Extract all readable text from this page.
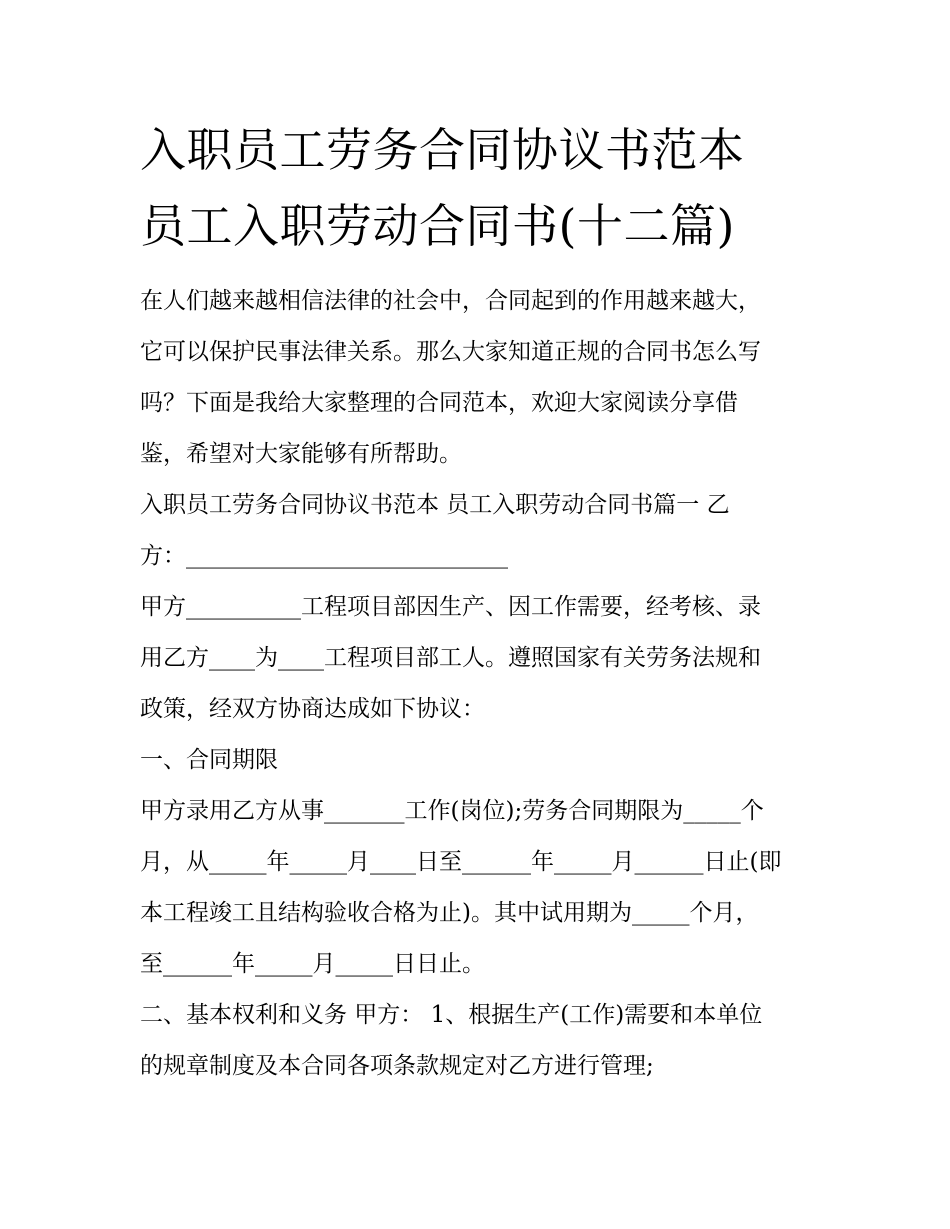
入职员工劳务合同协议书范本
员工入职劳动合同书(十二篇)

在人们越来越相信法律的社会中，合同起到的作用越来越大，
它可以保护民事法律关系。那么大家知道正规的合同书怎么写
吗？下面是我给大家整理的合同范本，欢迎大家阅读分享借
鉴，希望对大家能够有所帮助。

入职员工劳务合同协议书范本 员工入职劳动合同书篇一 乙
方：____________________________

甲方__________工程项目部因生产、因工作需要，经考核、录
用乙方____为____工程项目部工人。遵照国家有关劳务法规和
政策，经双方协商达成如下协议：

一、合同期限

甲方录用乙方从事_______工作(岗位);劳务合同期限为_____个
月，从_____年_____月____日至______年_____月______日止(即
本工程竣工且结构验收合格为止)。其中试用期为_____个月，
至______年_____月_____日日止。

二、基本权利和义务 甲方： 1、根据生产(工作)需要和本单位
的规章制度及本合同各项条款规定对乙方进行管理;
